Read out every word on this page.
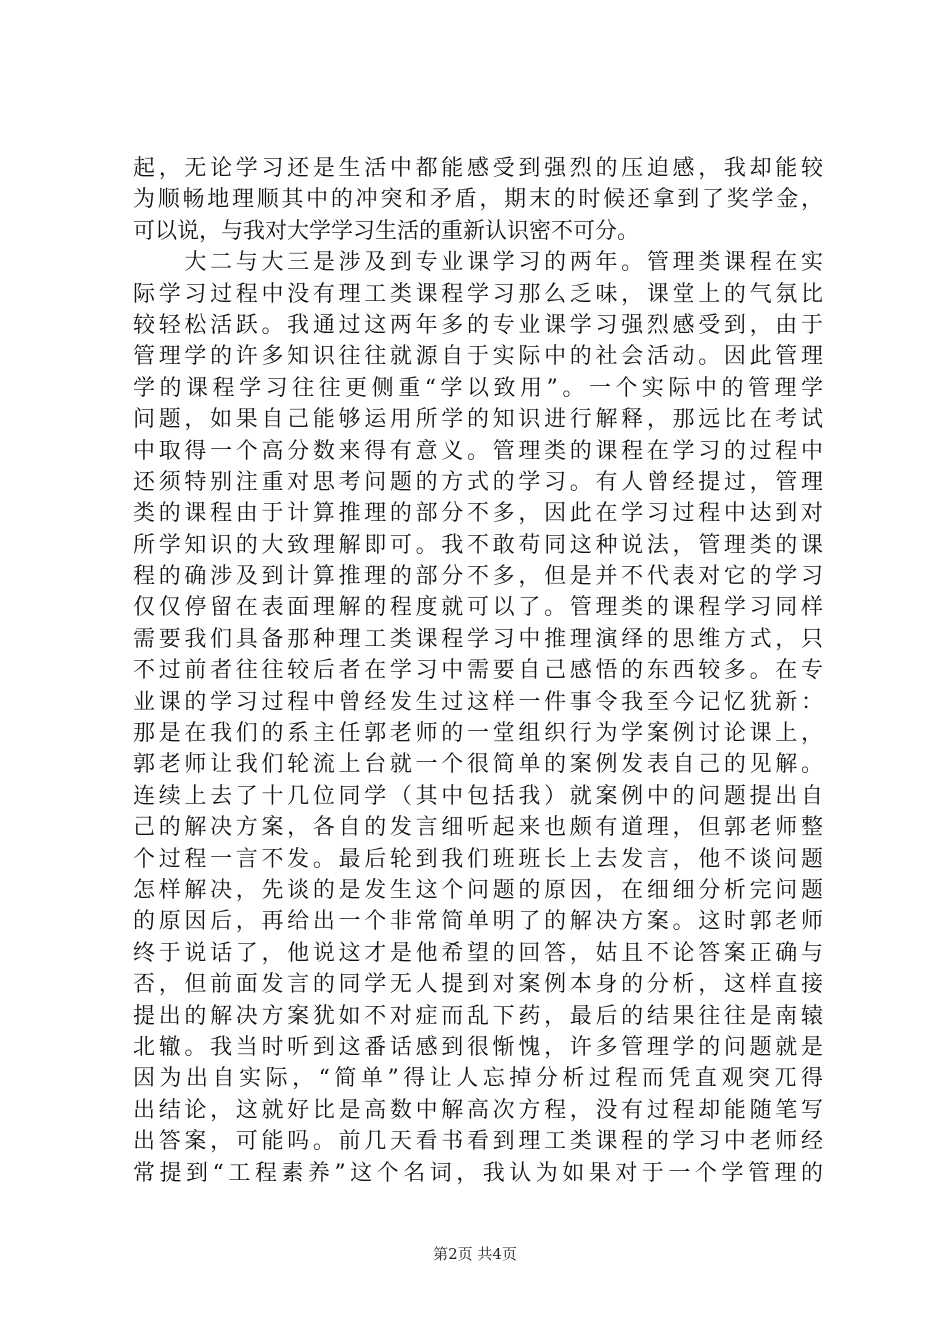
起，无论学习还是生活中都能感受到强烈的压迫感，我却能较
为顺畅地理顺其中的冲突和矛盾，期末的时候还拿到了奖学金，
可以说，与我对大学学习生活的重新认识密不可分。
　　大二与大三是涉及到专业课学习的两年。管理类课程在实
际学习过程中没有理工类课程学习那么乏味，课堂上的气氛比
较轻松活跃。我通过这两年多的专业课学习强烈感受到，由于
管理学的许多知识往往就源自于实际中的社会活动。因此管理
学的课程学习往往更侧重“学以致用”。一个实际中的管理学
问题，如果自己能够运用所学的知识进行解释，那远比在考试
中取得一个高分数来得有意义。管理类的课程在学习的过程中
还须特别注重对思考问题的方式的学习。有人曾经提过，管理
类的课程由于计算推理的部分不多，因此在学习过程中达到对
所学知识的大致理解即可。我不敢苟同这种说法，管理类的课
程的确涉及到计算推理的部分不多，但是并不代表对它的学习
仅仅停留在表面理解的程度就可以了。管理类的课程学习同样
需要我们具备那种理工类课程学习中推理演绎的思维方式，只
不过前者往往较后者在学习中需要自己感悟的东西较多。在专
业课的学习过程中曾经发生过这样一件事令我至今记忆犹新：
那是在我们的系主任郭老师的一堂组织行为学案例讨论课上，
郭老师让我们轮流上台就一个很简单的案例发表自己的见解。
连续上去了十几位同学（其中包括我）就案例中的问题提出自
己的解决方案，各自的发言细听起来也颇有道理，但郭老师整
个过程一言不发。最后轮到我们班班长上去发言，他不谈问题
怎样解决，先谈的是发生这个问题的原因，在细细分析完问题
的原因后，再给出一个非常简单明了的解决方案。这时郭老师
终于说话了，他说这才是他希望的回答，姑且不论答案正确与
否，但前面发言的同学无人提到对案例本身的分析，这样直接
提出的解决方案犹如不对症而乱下药，最后的结果往往是南辕
北辙。我当时听到这番话感到很惭愧，许多管理学的问题就是
因为出自实际，“简单”得让人忘掉分析过程而凭直观突兀得
出结论，这就好比是高数中解高次方程，没有过程却能随笔写
出答案，可能吗。前几天看书看到理工类课程的学习中老师经
常提到“工程素养”这个名词，我认为如果对于一个学管理的
第2页 共4页
